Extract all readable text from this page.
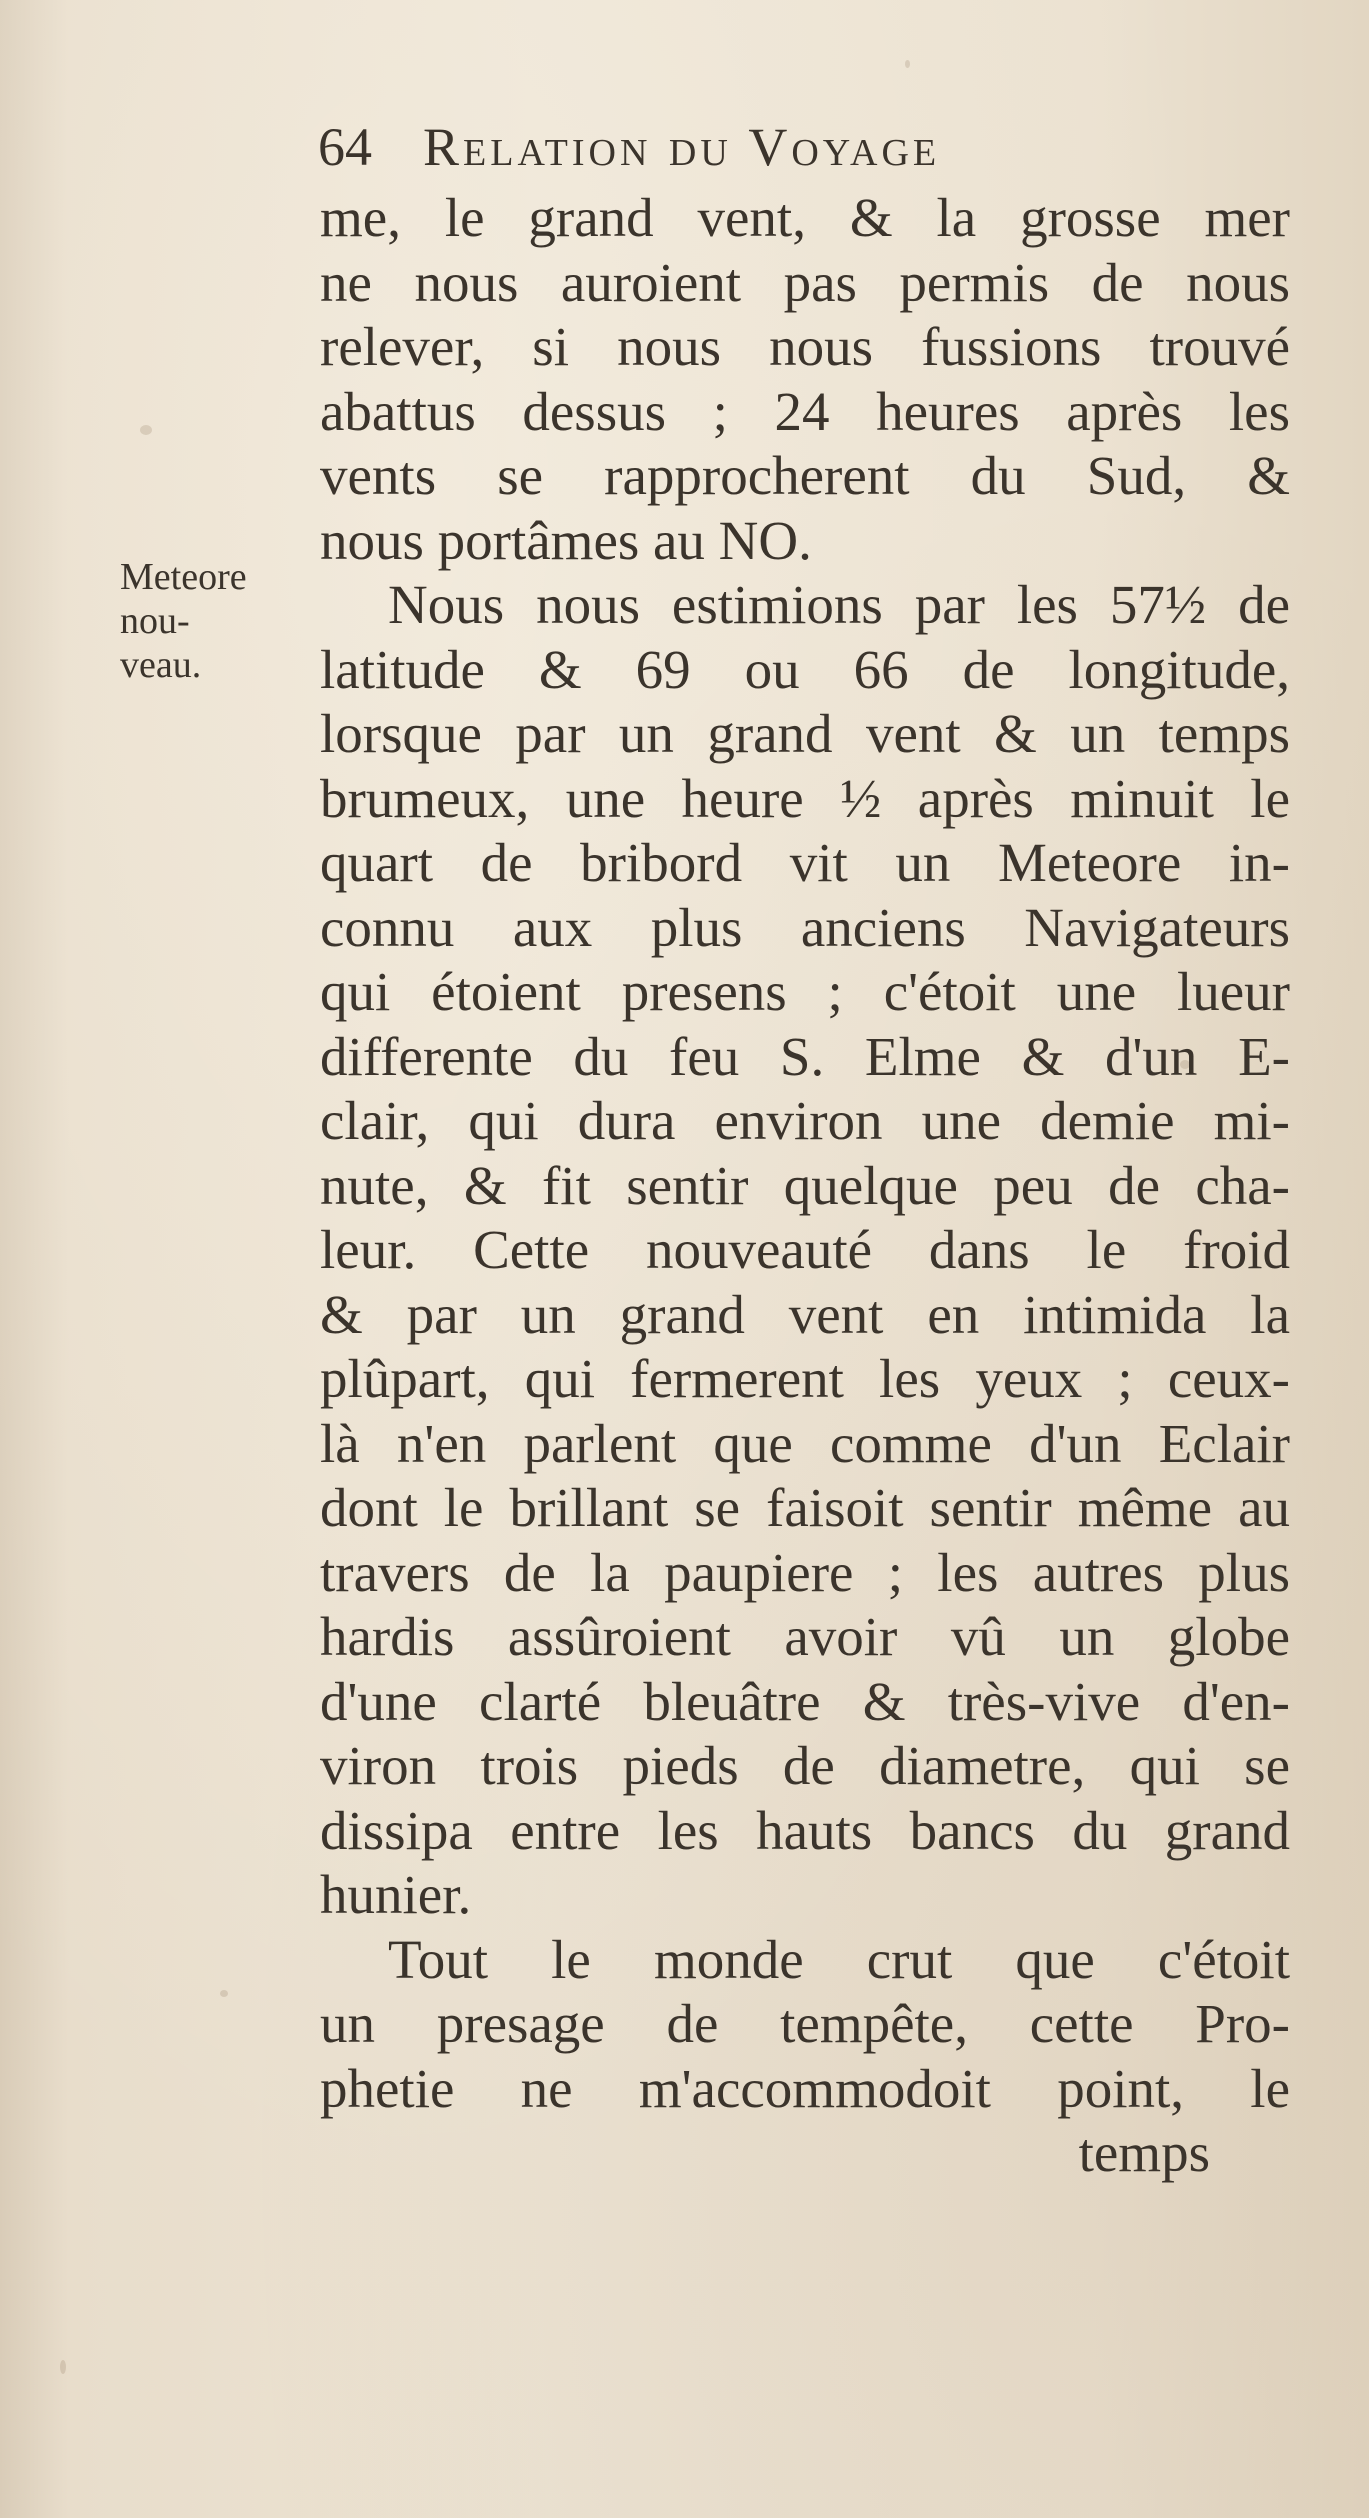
64 Relation du Voyage
Meteore
nou-
veau.
me, le grand vent, & la grosse mer
ne nous auroient pas permis de nous
relever, si nous nous fussions trouvé
abattus dessus ; 24 heures après les
vents se rapprocherent du Sud, &
nous portâmes au NO.
Nous nous estimions par les 57½ de
latitude & 69 ou 66 de longitude,
lorsque par un grand vent & un temps
brumeux, une heure ½ après minuit le
quart de bribord vit un Meteore in-
connu aux plus anciens Navigateurs
qui étoient presens ; c'étoit une lueur
differente du feu S. Elme & d'un E-
clair, qui dura environ une demie mi-
nute, & fit sentir quelque peu de cha-
leur. Cette nouveauté dans le froid
& par un grand vent en intimida la
plûpart, qui fermerent les yeux ; ceux-
là n'en parlent que comme d'un Eclair
dont le brillant se faisoit sentir même au
travers de la paupiere ; les autres plus
hardis assûroient avoir vû un globe
d'une clarté bleuâtre & très-vive d'en-
viron trois pieds de diametre, qui se
dissipa entre les hauts bancs du grand
hunier.
Tout le monde crut que c'étoit
un presage de tempête, cette Pro-
phetie ne m'accommodoit point, le
temps
